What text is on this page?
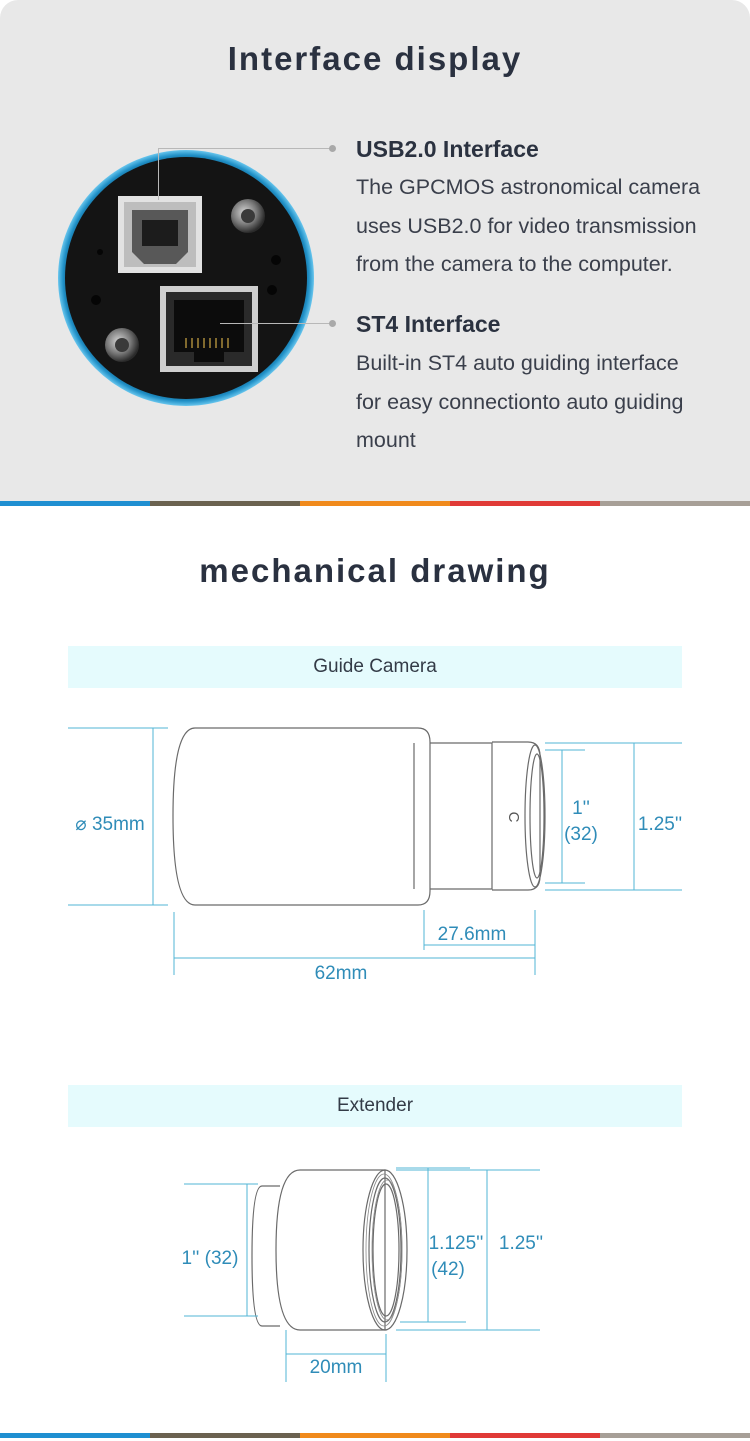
Interface display
USB2.0 Interface
The GPCMOS astronomical camera uses USB2.0 for video transmission from the camera to the computer.
ST4 Interface
Built-in ST4 auto guiding interface for easy connectionto auto guiding mount
mechanical drawing
Guide Camera
⌀ 35mm	C	1''
(32) 1.25''
27.6mm
62mm
Extender
1'' (32)
1.125''
(42)
1.25''
20mm
